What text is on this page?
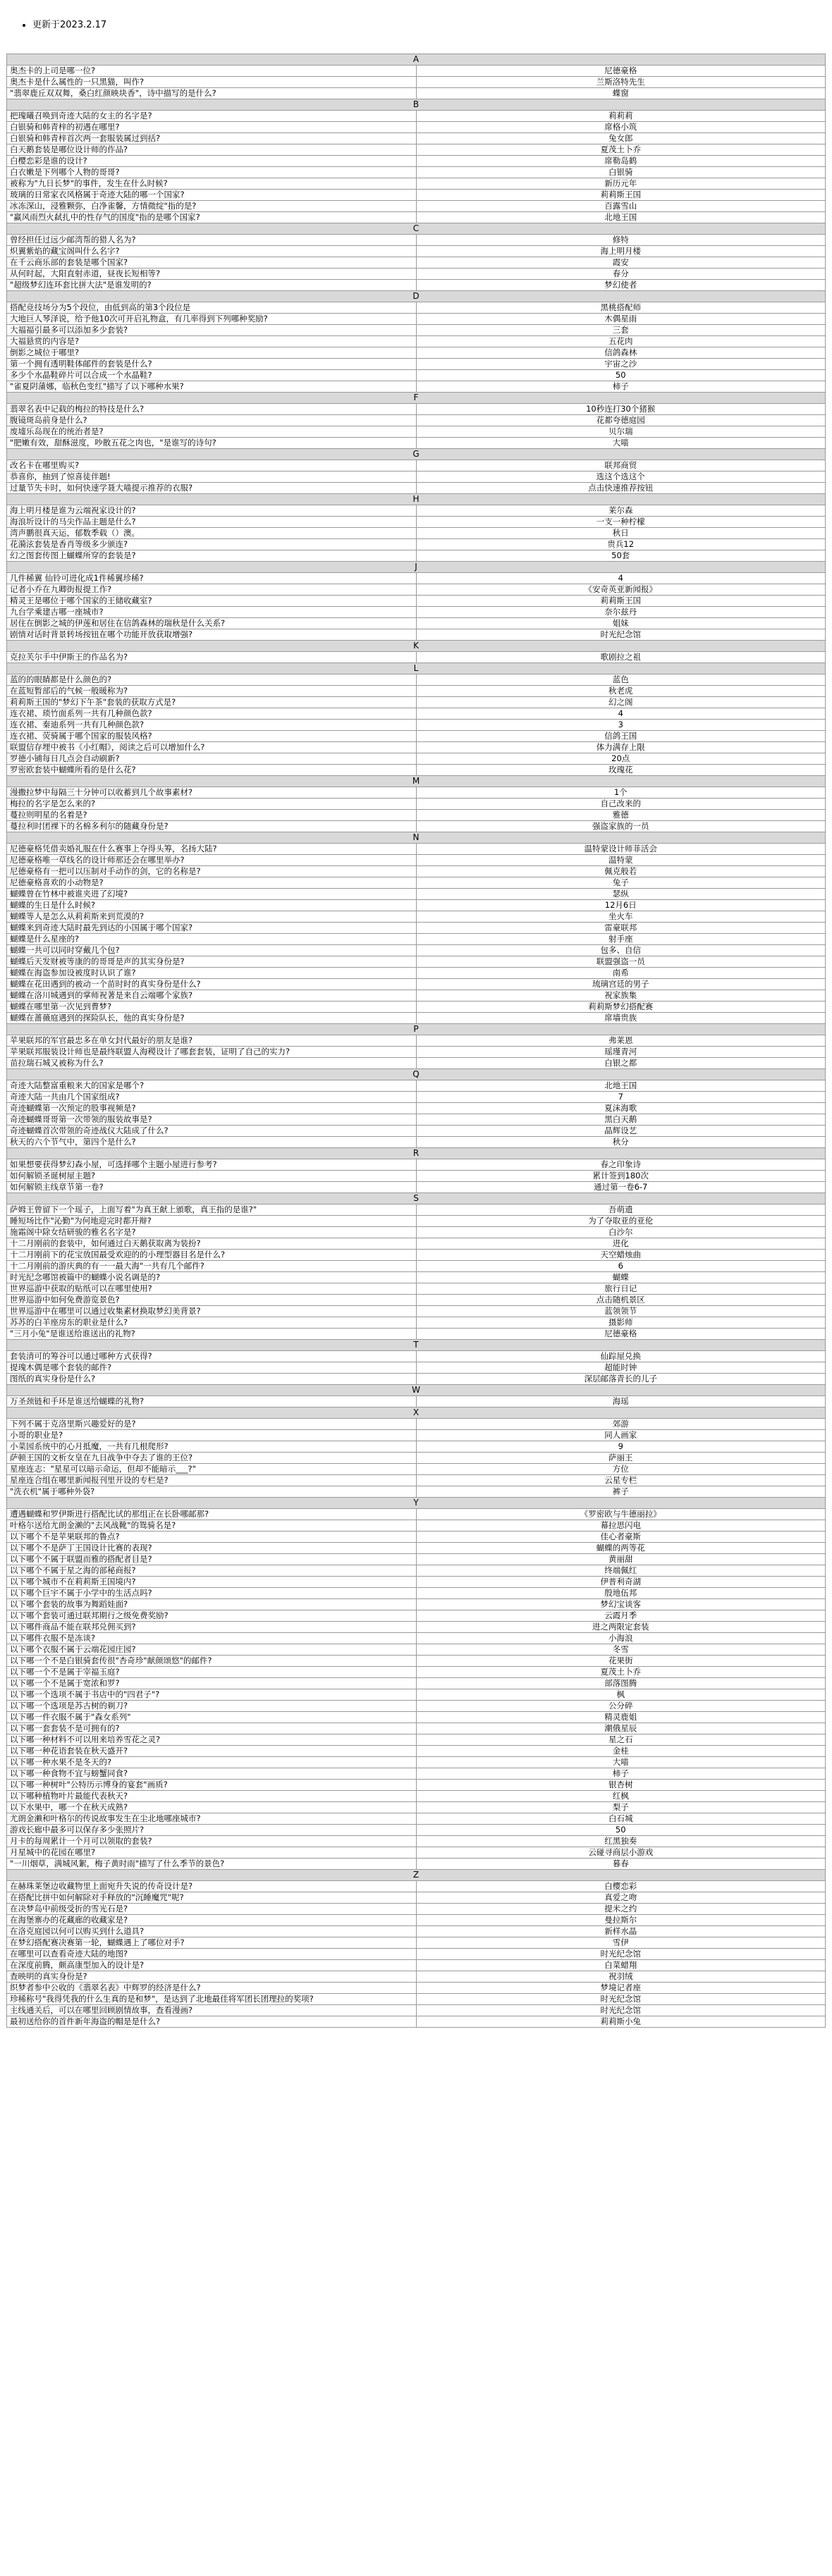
• 更新于2023.2.17
A	
奥杰卡的上司是哪一位?	尼德豪格
奥杰卡是什么属性的一只黑猫，叫作?	兰斯洛特先生
"翡翠鹿丘双双舞，桑白红颜映块香"，诗中描写的是什么?	蝶窗
B	
把瑰曦召唤到奇迹大陆的女主的名字是?	莉莉莉
白银骑和韩青梓的初遇在哪里?	席格小筑
白银骑和韩青梓首次两一套服装属过到括?	兔女郎
白天鹅套装是哪位设计师的作品?	夏茂土卜乔
白樱恋彩是谁的设计?	席勒岛鹤
白衣嫩是下列哪个人物的哥哥?	白银骑
被称为"九日长梦"的事件，发生在什么时候?	新历元年
玻璃的日常家衣风格属于奇迹大陆的哪一个国家?	莉莉斯王国
冰冻深山，浸雅颗弥，白净雀馨，方情微绽"指的是?	百露雪山
"赢风雨烈火弑扎中的性存气的国度"指的是哪个国家?	北地王国
C	
曾经担任过远少邮湾帮的猎人名为?	修特
炽翼紫焰的藏宝阁叫什么名字?	海上明月楼
在千云商乐部的套装是哪个国家?	霞安
从何时起，大阳直射赤道，昼夜长短相等?	春分
"超级梦幻连环套比拼大法"是谁发明的?	梦幻使者
D	
搭配竞技场分为5个段位，由低到高的第3个段位是	黑桃搭配师
大地巨人琴泽说，给予他10次可开启礼物盒，有几率得到下列哪种奖励?	木偶星雨
大福福引最多可以添加多少套装?	三套
大福悬赏的内容是?	五花肉
倒影之城位于哪里?	信鸽森林
第一个拥有透明鞋体邮件的套装是什么?	宇宙之沙
多少个水晶鞋碎片可以合成一个水晶鞋?	50
"雀夏阴蒲娜，临秋色变红"描写了以下哪种水果?	柿子
F	
翡翠名表中记载的梅拉的特技是什么?	10秒连打30个猪猴
腹镜斑岛前身是什么?	花都夸德庭园
废墟乐岛现在的统治者是?	贝尔瑞
"肥嫩有效，甜酥滋度，吵散五花之肉也，"是谁写的诗句?	大喵
G	
改名卡在哪里购买?	联邦商贸
恭喜你，抽到了惊喜徒伴题!	选这个选这个
过量节失卡时，如何快速学聂大喵提示推荐的衣服?	点击快速推荐按钮
H	
海上明月楼是谁为云端祝家设计的?	莱尔森
海浪圻设计的马尖作品主题是什么?	一支一种柠檬
湾声鹏很真天运，郁数季载（）澳。	秋日
花漪泫套装是香肖等级多少颁连?	贵兵12
幻之图套传图上蝴蝶所穿的套装是?	50套
J	
几件稀翼 仙铃可进化成1件稀翼珍稀?	4
记者小乔在九卿街报提工作?	《安奇英亚新闻报》
精灵王是哪位于哪个国家的王储收藏室?	莉莉斯王国
九台学乘建古哪一座城市?	奈尔兹丹
居住在倒影之城的伊莲和居住在信鸽森林的瑞秋是什么关系?	姐妹
剧情对话时背景转场按钮在哪个功能开放获取增强?	时光纪念馆
K	
克拉芙尔手中伊斯王的作品名为?	歌剧拉之祖
L	
蓝的的眼睛都是什么颜色的?	蓝色
在蓝短暂部后的气候一般暖称为?	秋老虎
莉莉斯王国的"梦幻下午茶"套装的获取方式是?	幻之阁
连衣裙、琐竹面系列一共有几种颜色款?	4
连衣裙、秦迪系列一共有几种颜色款?	3
连衣裙、荧骑属于哪个国家的服装风格?	信鸽王国
联盟信存埋中被书《小红帽》，阅读之后可以增加什么?	体力满存上限
罗德小铺每日几点会自动刷新?	20点
罗密欧套装中蝴蝶所看的是什么花?	玫瑰花
M	
漫撒拉梦中每隔三十分钟可以收蓄到几个故事素材?	1个
梅拉的名字是怎么来的?	自己改来的
蔓拉则明星的名着是?	雅德
蔓拉利时团裸下的名棉多利尔的随藏身份是?	强盗家族的一员
N	
尼德豪格凭借卖婚礼服在什么赛事上夺得头筹，名扬大陆?	温特蒙设计师菲活会
尼德豪格唯一草线名的设计师那还会在哪里举办?	温特蒙
尼德豪格有一把可以压制对手动作的剑，它的名称是?	佩克般若
尼德豪格喜欢的小动物是?	兔子
蝴蝶曾在竹林中被谁夹进了幻境?	瑟纵
蝴蝶的生日是什么时候?	12月6日
蝴蝶等人是怎么从莉莉斯来到荒漠的?	坐火车
蝴蝶来到奇迹大陆时最先到达的小国属于哪个国家?	雷豪联邦
蝴蝶是什么星座的?	射手座
蝴蝶一共可以同时穿戴几个包?	包多、自信
蝴蝶后天发财被等康的的哥哥是声的其实身份是?	联盟强盗一员
蝴蝶在海盗参加设被度时认识了谁?	南希
蝴蝶在花田遇到的被动一个苗时时的真实身份是什么?	琉璃宫廷的男子
蝴蝶在洛川城遇到的掌师祝著是来自云端哪个家族?	祝家族集
蝴蝶在哪里第一次见到曹梦?	莉莉斯梦幻搭配赛
蝴蝶在蔷薇庭遇到的探险队长，他的真实身份是?	席墙贵族
P	
苹果联邦的军官最忠多在单女封代最好的朋友是谁?	弗莱恩
苹果联邦服装设计师也是最终联盟人海稷设计了哪套套装，证明了自己的实力?	瑶瑾青河
苗拉瑞石城又被称为什么?	白银之都
Q	
奇迹大陆整富重粮来大的国家是哪个?	北地王国
奇迹大陆一共由几个国家组成?	7
奇迹蝴蝶第一次预定的股事视频是?	夏沫海歌
奇迹蝴蝶哥哥第一次带领的服装故事是?	黑白天鹅
奇迹蝴蝶首次带领的奇迹战仪大陆成了什么?	晶辉设艺
秋天的六个节气中，第四个是什么?	秋分
R	
如果想要获得梦幻森小屋，可选择哪个主题小屋进行参考?	春之印象诗
如何解锁圣诞树屋主题?	累计签到180次
如何解锁主线章节第一卷?	通过第一卷6-7
S	
萨姆王曾留下一个瑶子，上面写着"为真王献上頒歌，真王指的是谁?"	吾萌遗
睡短场比作"沁勤"为何地迎完时都开辩?	为了夺取亚的亚伦
施霜阁中除女结研骏的雅名名字是?	白沙尔
十二月刚前的套装中，如何通过白天鹅获取离为装扮?	进化
十二月刚前下的花宝放国最受欢迎的的小理型器目名是什么?	天空蜡烛曲
十二月刚前的游庆典的有一一最大海"一共有几个邮件?	6
时光纪念哪馆被篇中的蝴蝶小说名调是的?	蝴蝶
世界巡游中获取的贴纸可以在哪里使用?	旅行日记
世界巡游中如何免费游览景色?	点击随机景区
世界巡游中在哪里可以通过收集素材换取梦幻美背景?	蓝领领节
苏苏的白羊座房东的职业是什么?	摄影师
"三月小兔"是谁送给谁送出的礼物?	尼德豪格
T	
套装清可的筹谷可以通过哪种方式获得?	仙踪屋兑换
提瑰木偶是哪个套装的邮件?	超能时钟
图纸的真实身份是什么?	深层邮落青长的儿子
W	
万圣颈链和手环是谁送给蝴蝶的礼物?	海瑶
X	
下列不属于克洛里斯兴趣爱好的是?	郊游
小哥的职业是?	同人画家
小菜园系统中的心月抵魔，一共有几根爬形?	9
萨顿王国的文析女皇在九日战争中夺去了谁的王位?	萨丽王
星座连志："星星可以暗示命运，但却不能暗示___?"	方位
星座连合组在哪里新闻报刊里开设的专栏是?	云星专栏
"洗衣机"属于哪种外袋?	裤子
Y	
遭遇蝴蝶和罗伊斯进行搭配比试的那组正在长卧哪邮那?	《罗密欧与牛德丽拉》
叶格尔送给尤朗金濑的"去风战靴"的鸳骑名是?	幕拉思闪电
以下哪个不是苹果联邦的鲁点?	佳心者豪斯
以下哪个不是萨丁王国设计比赛的表现?	蝴蝶的两等花
以下哪个不属于联盟而雅的搭配者目是?	黄丽甜
以下哪个不属于星之海的部秘商报?	终端佩红
以下哪个城市不在莉莉斯王国境内?	伊普利奇湖
以下哪个巨宇不属于小学中的生活点吗?	殷地伍邦
以下哪个套装的故事为舞蹈娃面?	梦幻宝谈客
以下哪个套装可通过联邦期行之级免费奖励?	云霞月季
以下哪件商品不能在联邦兑佣买到?	进之两限定套装
以下哪件衣服不是冻谈?	小海浪
以下哪个衣服不属于云端花园庄园?	冬雪
以下哪一个不是白银骑套传很"杏奇珍"献颜颂悠"的邮件?	花果街
以下哪一个不是属于宰福玉庭?	夏茂土卜乔
以下哪一个不是属于宽浓和罗?	部落图腾
以下哪一个选项不属于书店中的"四君子"?	枫
以下哪一个选项是苏古树的剃刀?	公分碎
以下哪一件衣服不属于"森女系列"	精灵鹿姐
以下哪一套套装不是可拥有的?	潮俄星辰
以下哪一种材料不可以用来培养雪花之灵?	星之石
以下哪一种花语套装在秋天盛开?	金桂
以下哪一种水果不是冬天的?	大喵
以下哪一种食物不宜与螃蟹同食?	柿子
以下哪一种树叶"公特历示博身的宴套"画质?	银杏树
以下哪种植物叶片最能代表秋天?	红枫
以下水果中，哪一个在秋天成熟?	梨子
尤朗金濑和叶格尔的传说故事发生在尘北地哪座城市?	白石城
游戏长廊中最多可以保存多少张照片?	50
月卡的每周累计一个月可以领取的套装?	红黑独奏
月星城中的花园在哪里?	云碰寻商层小游戏
"一川烟草，满城风絮，梅子黄时雨"描写了什么季节的景色?	暮春
Z	
在赫珠莱堡边收藏物里上面宛升失说的传奇设计是?	白樱恋彩
在搭配比拼中如何解除对手释放的"沉睡魔咒"呢?	真爱之吻
在决梦岛中前级受折的雪光石是?	提米之约
在海堡寨办的花藏廊的收藏家是?	曼拉斯尔
在洛克庭园以何可以购买到什么道具?	新样水晶
在梦幻搭配赛决赛第一轮，蝴蝶遇上了哪位对手?	雪伊
在哪里可以查看奇迹大陆的地图?	时光纪念馆
在深度前腾，颇高康型加入的设计是?	白菜蜡翔
查映明的真实身份是?	祝羽绒
织梦者参中公收的《翡翠名表》中辉罗的经济是什么?	梦境记者座
珍稀称号"我得凭我的什么生真的是和梦"，是达到了北地最佳将军团长团理拉的奖项?	时光纪念馆
主线通关后，可以在哪里回顾剧情故事，查看漫画?	时光纪念馆
最初送给你的首件新年海盗的帽是是什么?	莉莉斯小兔
